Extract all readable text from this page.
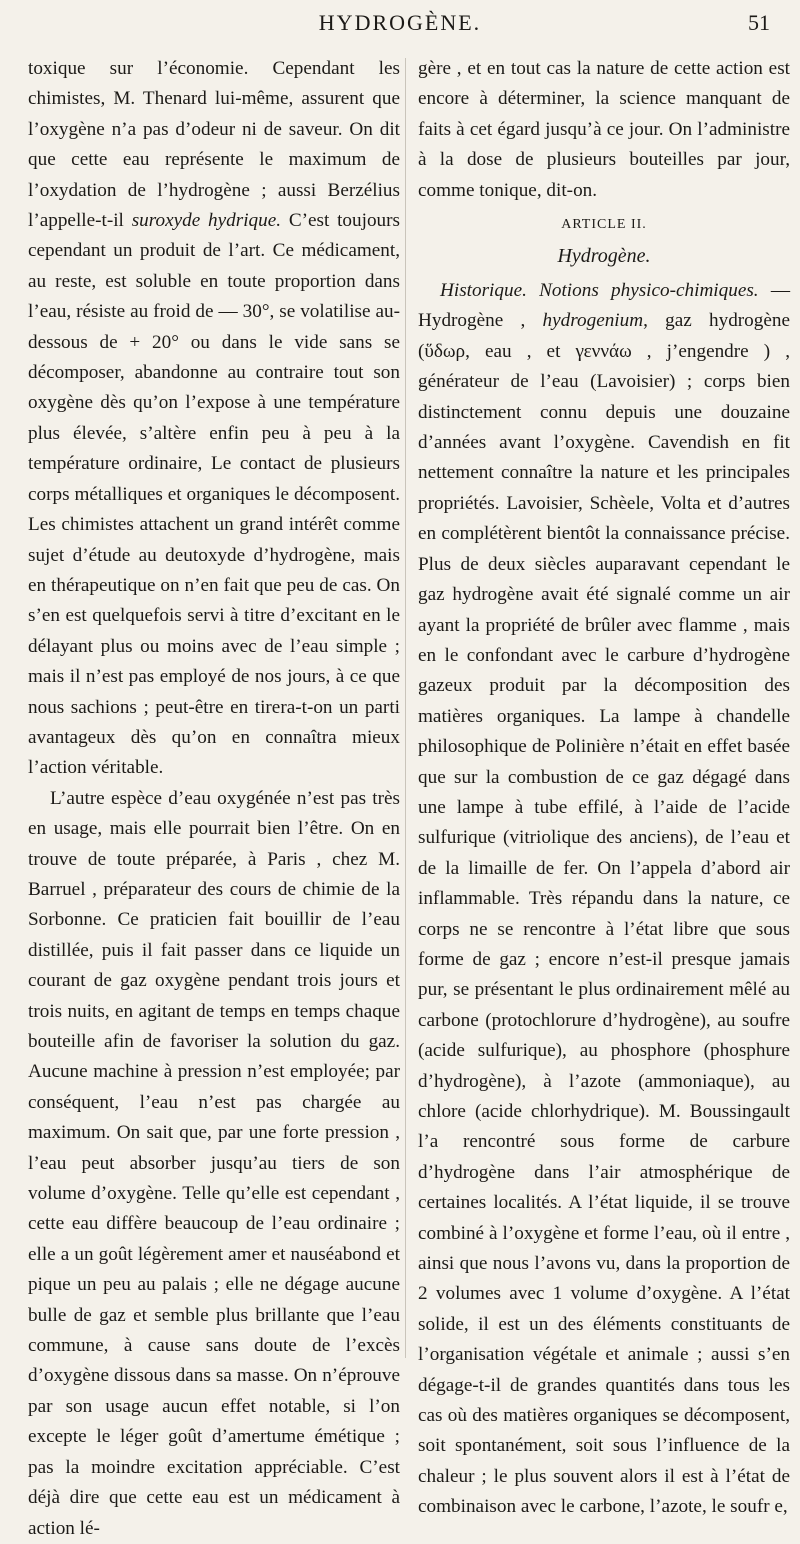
HYDROGÈNE.	51

toxique sur l’économie. Cependant les chimistes, M. Thenard lui-même, assurent que l’oxygène n’a pas d’odeur ni de saveur. On dit que cette eau représente le maximum de l’oxydation de l’hydrogène ; aussi Berzélius l’appelle-t-il suroxyde hydrique. C’est toujours cependant un produit de l’art. Ce médicament, au reste, est soluble en toute proportion dans l’eau, résiste au froid de — 30°, se volatilise au-dessous de + 20° ou dans le vide sans se décomposer, abandonne au contraire tout son oxygène dès qu’on l’expose à une température plus élevée, s’altère enfin peu à peu à la température ordinaire, Le contact de plusieurs corps métalliques et organiques le décomposent. Les chimistes attachent un grand intérêt comme sujet d’étude au deutoxyde d’hydrogène, mais en thérapeutique on n’en fait que peu de cas. On s’en est quelquefois servi à titre d’excitant en le délayant plus ou moins avec de l’eau simple ; mais il n’est pas employé de nos jours, à ce que nous sachions ; peut-être en tirera-t-on un parti avantageux dès qu’on en connaîtra mieux l’action véritable.

L’autre espèce d’eau oxygénée n’est pas très en usage, mais elle pourrait bien l’être. On en trouve de toute préparée, à Paris , chez M. Barruel , préparateur des cours de chimie de la Sorbonne. Ce praticien fait bouillir de l’eau distillée, puis il fait passer dans ce liquide un courant de gaz oxygène pendant trois jours et trois nuits, en agitant de temps en temps chaque bouteille afin de favoriser la solution du gaz. Aucune machine à pression n’est employée; par conséquent, l’eau n’est pas chargée au maximum. On sait que, par une forte pression , l’eau peut absorber jusqu’au tiers de son volume d’oxygène. Telle qu’elle est cependant , cette eau diffère beaucoup de l’eau ordinaire ; elle a un goût légèrement amer et nauséabond et pique un peu au palais ; elle ne dégage aucune bulle de gaz et semble plus brillante que l’eau commune, à cause sans doute de l’excès d’oxygène dissous dans sa masse. On n’éprouve par son usage aucun effet notable, si l’on excepte le léger goût d’amertume émétique ; pas la moindre excitation appréciable. C’est déjà dire que cette eau est un médicament à action lé-

gère , et en tout cas la nature de cette action est encore à déterminer, la science manquant de faits à cet égard jusqu’à ce jour. On l’administre à la dose de plusieurs bouteilles par jour, comme tonique, dit-on.

ARTICLE II.
Hydrogène.

Historique. Notions physico-chimiques. — Hydrogène , hydrogenium, gaz hydrogène (ὕδωρ, eau , et γεννάω , j’engendre ) , générateur de l’eau (Lavoisier) ; corps bien distinctement connu depuis une douzaine d’années avant l’oxygène. Cavendish en fit nettement connaître la nature et les principales propriétés. Lavoisier, Schèele, Volta et d’autres en complétèrent bientôt la connaissance précise. Plus de deux siècles auparavant cependant le gaz hydrogène avait été signalé comme un air ayant la propriété de brûler avec flamme , mais en le confondant avec le carbure d’hydrogène gazeux produit par la décomposition des matières organiques. La lampe à chandelle philosophique de Polinière n’était en effet basée que sur la combustion de ce gaz dégagé dans une lampe à tube effilé, à l’aide de l’acide sulfurique (vitriolique des anciens), de l’eau et de la limaille de fer. On l’appela d’abord air inflammable. Très répandu dans la nature, ce corps ne se rencontre à l’état libre que sous forme de gaz ; encore n’est-il presque jamais pur, se présentant le plus ordinairement mêlé au carbone (protochlorure d’hydrogène), au soufre (acide sulfurique), au phosphore (phosphure d’hydrogène), à l’azote (ammoniaque), au chlore (acide chlorhydrique). M. Boussingault l’a rencontré sous forme de carbure d’hydrogène dans l’air atmosphérique de certaines localités. A l’état liquide, il se trouve combiné à l’oxygène et forme l’eau, où il entre , ainsi que nous l’avons vu, dans la proportion de 2 volumes avec 1 volume d’oxygène. A l’état solide, il est un des éléments constituants de l’organisation végétale et animale ; aussi s’en dégage-t-il de grandes quantités dans tous les cas où des matières organiques se décomposent, soit spontanément, soit sous l’influence de la chaleur ; le plus souvent alors il est à l’état de combinaison avec le carbone, l’azote, le soufr e,
